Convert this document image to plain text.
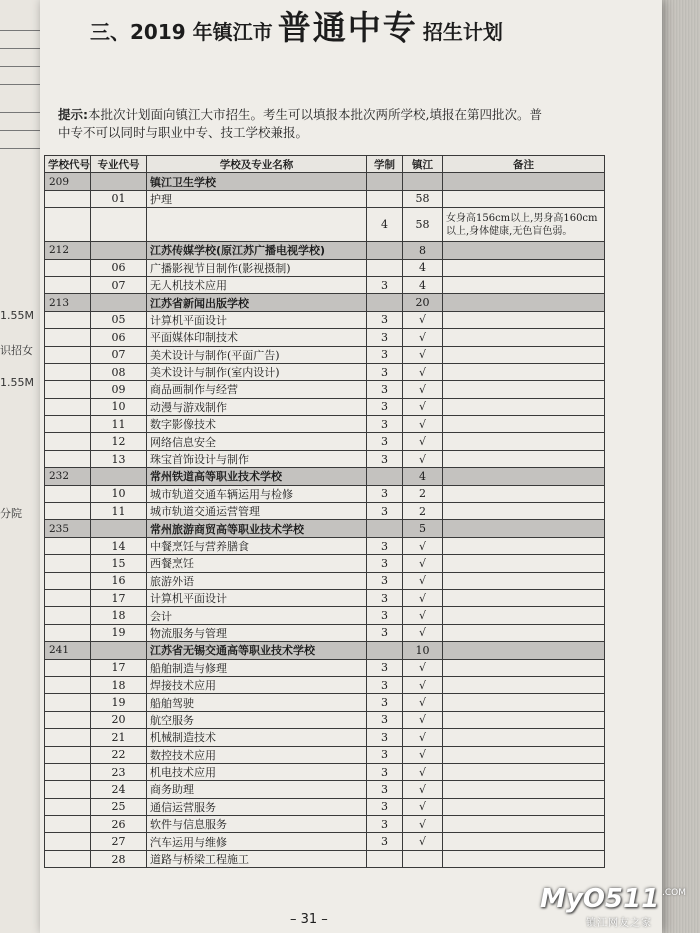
1.55M
识招女
1.55M
分院
三、2019 年镇江市 普通中专 招生计划
提示:本批次计划面向镇江大市招生。考生可以填报本批次两所学校,填报在第四批次。普
中专不可以同时与职业中专、技工学校兼报。
学校代号	专业代号	学校及专业名称	学制	镇江	备注
209		镇江卫生学校			
	01	护理		58	
			4	58	女身高156cm以上,男身高160cm以上,身体健康,无色盲色弱。
212		江苏传媒学校(原江苏广播电视学校)		8	
	06	广播影视节目制作(影视摄制)		4	
	07	无人机技术应用	3	4	
213		江苏省新闻出版学校		20	
	05	计算机平面设计	3	√	
	06	平面媒体印制技术	3	√	
	07	美术设计与制作(平面广告)	3	√	
	08	美术设计与制作(室内设计)	3	√	
	09	商品画制作与经营	3	√	
	10	动漫与游戏制作	3	√	
	11	数字影像技术	3	√	
	12	网络信息安全	3	√	
	13	珠宝首饰设计与制作	3	√	
232		常州铁道高等职业技术学校		4	
	10	城市轨道交通车辆运用与检修	3	2	
	11	城市轨道交通运营管理	3	2	
235		常州旅游商贸高等职业技术学校		5	
	14	中餐烹饪与营养膳食	3	√	
	15	西餐烹饪	3	√	
	16	旅游外语	3	√	
	17	计算机平面设计	3	√	
	18	会计	3	√	
	19	物流服务与管理	3	√	
241		江苏省无锡交通高等职业技术学校		10	
	17	船舶制造与修理	3	√	
	18	焊接技术应用	3	√	
	19	船舶驾驶	3	√	
	20	航空服务	3	√	
	21	机械制造技术	3	√	
	22	数控技术应用	3	√	
	23	机电技术应用	3	√	
	24	商务助理	3	√	
	25	通信运营服务	3	√	
	26	软件与信息服务	3	√	
	27	汽车运用与维修	3	√	
	28	道路与桥梁工程施工			
– 31 –
MyO511 .COM
镇江网友之家
